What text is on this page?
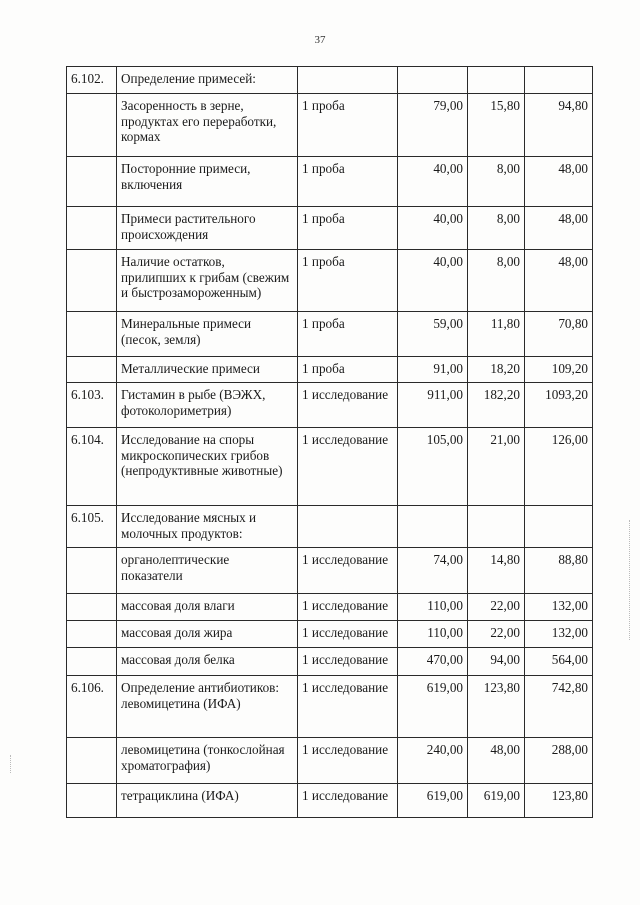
37
6.102.	Определение примесей:				
	Засоренность в зерне, продуктах его переработки, кормах	1 проба	79,00	15,80	94,80
	Посторонние примеси, включения	1 проба	40,00	8,00	48,00
	Примеси растительного происхождения	1 проба	40,00	8,00	48,00
	Наличие остатков, прилипших к грибам (свежим и быстрозамороженным)	1 проба	40,00	8,00	48,00
	Минеральные примеси (песок, земля)	1 проба	59,00	11,80	70,80
	Металлические примеси	1 проба	91,00	18,20	109,20
6.103.	Гистамин в рыбе (ВЭЖХ, фотоколориметрия)	1 исследование	911,00	182,20	1093,20
6.104.	Исследование на споры микроскопических грибов (непродуктивные животные)	1 исследование	105,00	21,00	126,00
6.105.	Исследование мясных и молочных продуктов:				
	органолептические показатели	1 исследование	74,00	14,80	88,80
	массовая доля влаги	1 исследование	110,00	22,00	132,00
	массовая доля жира	1 исследование	110,00	22,00	132,00
	массовая доля белка	1 исследование	470,00	94,00	564,00
6.106.	Определение антибиотиков: левомицетина (ИФА)	1 исследование	619,00	123,80	742,80
	левомицетина (тонкослойная хроматография)	1 исследование	240,00	48,00	288,00
	тетрациклина (ИФА)	1 исследование	619,00	619,00	123,80
